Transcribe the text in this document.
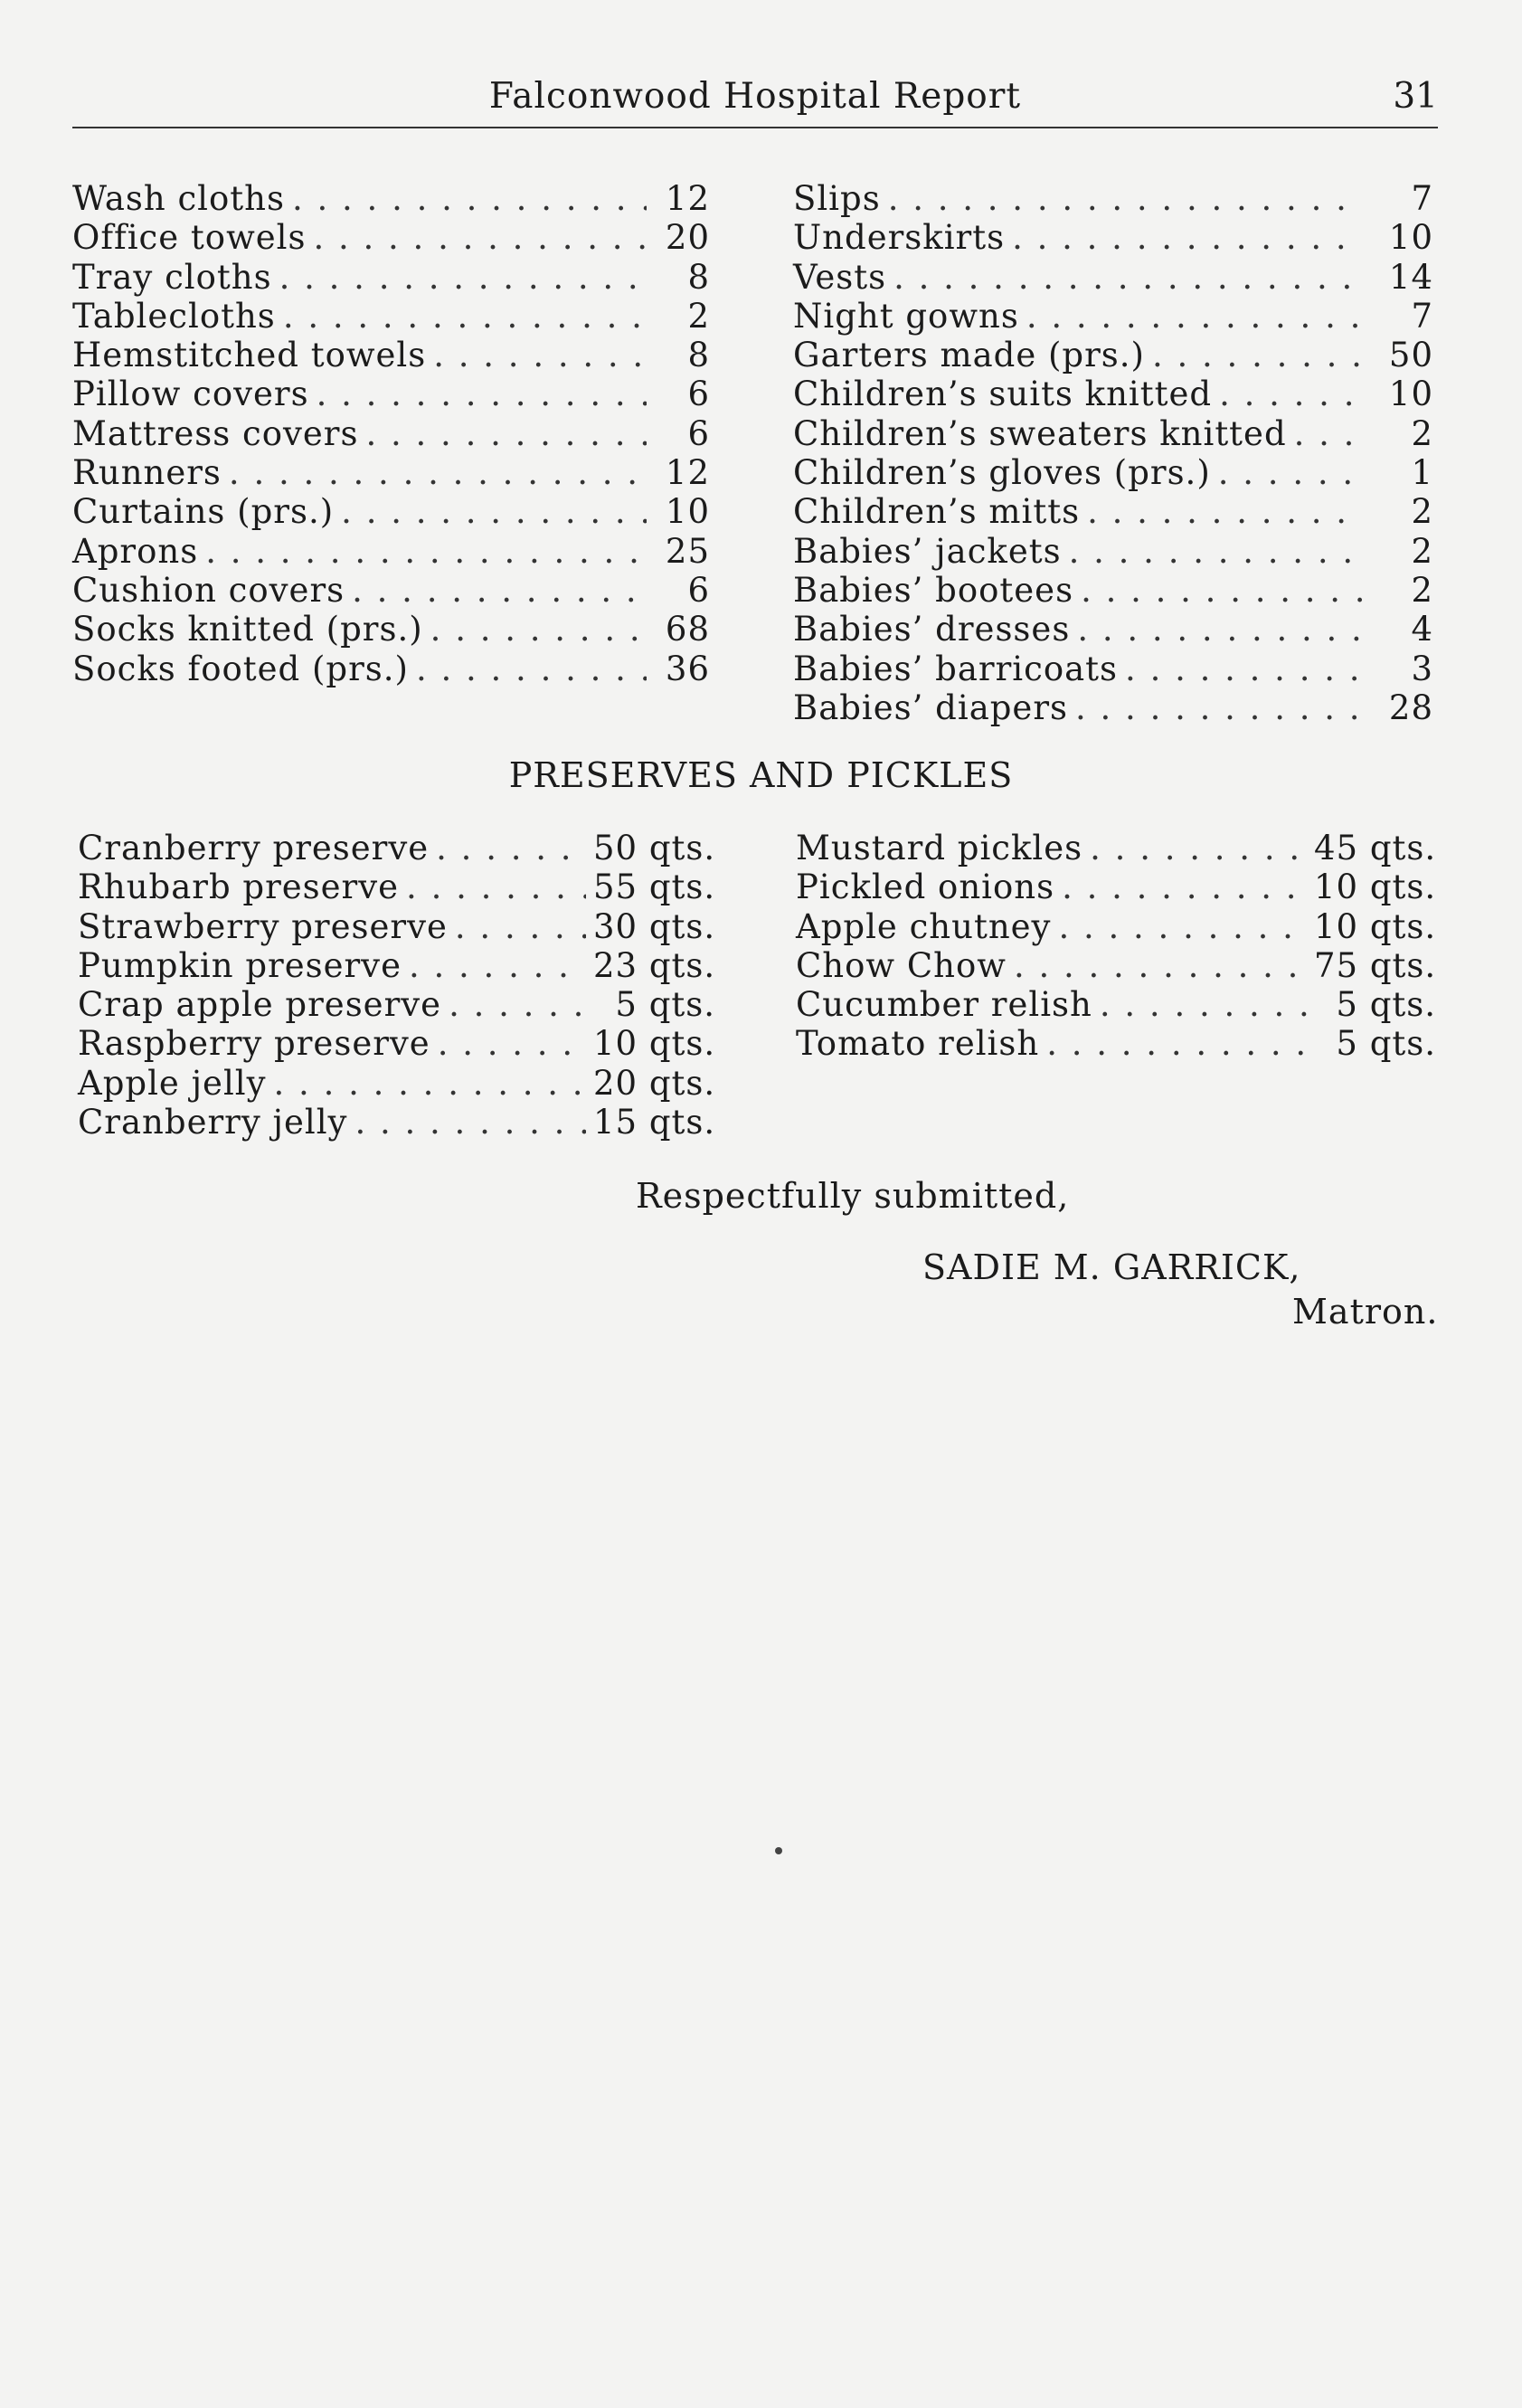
Falconwood Hospital Report	31
Wash cloths . . .	12
Office towels . . .	20
Tray cloths . . .	8
Tablecloths . . .	2
Hemstitched towels . . .	8
Pillow covers . . .	6
Mattress covers . . .	6
Runners . . .	12
Curtains (prs.) . . .	10
Aprons . . .	25
Cushion covers . . .	6
Socks knitted (prs.) . . .	68
Socks footed (prs.) . . .	36
Slips . . .	7
Underskirts . . .	10
Vests . . .	14
Night gowns . . .	7
Garters made (prs.) . . .	50
Children’s suits knitted . . .	10
Children’s sweaters knitted . . .	2
Children’s gloves (prs.) . . .	1
Children’s mitts . . .	2
Babies’ jackets . . .	2
Babies’ bootees . . .	2
Babies’ dresses . . .	4
Babies’ barricoats . . .	3
Babies’ diapers . . .	28
PRESERVES AND PICKLES
Cranberry preserve . . .	50 qts.
Rhubarb preserve . . .	55 qts.
Strawberry preserve . . .	30 qts.
Pumpkin preserve . . .	23 qts.
Crap apple preserve . . .	5 qts.
Raspberry preserve . . .	10 qts.
Apple jelly . . .	20 qts.
Cranberry jelly . . .	15 qts.
Mustard pickles . . .	45 qts.
Pickled onions . . .	10 qts.
Apple chutney . . .	10 qts.
Chow Chow . . .	75 qts.
Cucumber relish . . .	5 qts.
Tomato relish . . .	5 qts.
Respectfully submitted,
SADIE M. GARRICK,
Matron.
